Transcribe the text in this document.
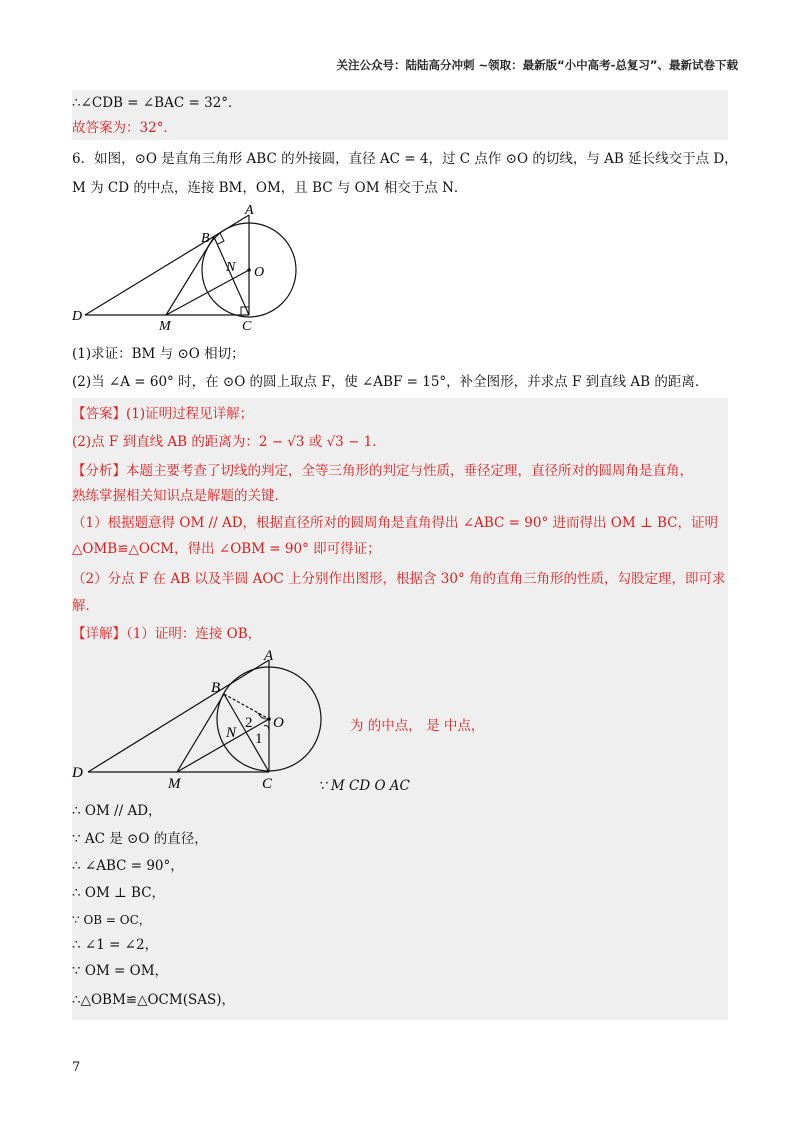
关注公众号：陆陆高分冲刺 ~领取：最新版“小中高考-总复习”、最新试卷下载
∴∠CDB = ∠BAC = 32°．
故答案为：32°．
6．如图，⊙O 是直角三角形 ABC 的外接圆，直径 AC = 4，过 C 点作 ⊙O 的切线，与 AB 延长线交于点 D，
M 为 CD 的中点，连接 BM，OM，且 BC 与 OM 相交于点 N．
A
B
N O
D
M	C
(1)求证：BM 与 ⊙O 相切；
(2)当 ∠A = 60° 时，在 ⊙O 的圆上取点 F，使 ∠ABF = 15°，补全图形，并求点 F 到直线 AB 的距离．
【答案】(1)证明过程见详解；
(2)点 F 到直线 AB 的距离为：2 − √3 或 √3 − 1．
【分析】本题主要考查了切线的判定，全等三角形的判定与性质，垂径定理，直径所对的圆周角是直角，
熟练掌握相关知识点是解题的关键．
（1）根据题意得 OM // AD，根据直径所对的圆周角是直角得出 ∠ABC = 90° 进而得出 OM ⊥ BC，证明
△OMB≌△OCM，得出 ∠OBM = 90° 即可得证；
（2）分点 F 在 AB 以及半圆 AOC 上分别作出图形，根据含 30° 角的直角三角形的性质，勾股定理，即可求
解．
【详解】（1）证明：连接 OB，
A
B
N
O
2
1
D
M	C
为 的中点， 是 中点，
∵ M CD O AC
∴ OM // AD，
∵ AC 是 ⊙O 的直径，
∴ ∠ABC = 90°，
∴ OM ⊥ BC，
∵ OB = OC，
∴ ∠1 = ∠2，
∵ OM = OM，
∴△OBM≌△OCM(SAS)，
7
